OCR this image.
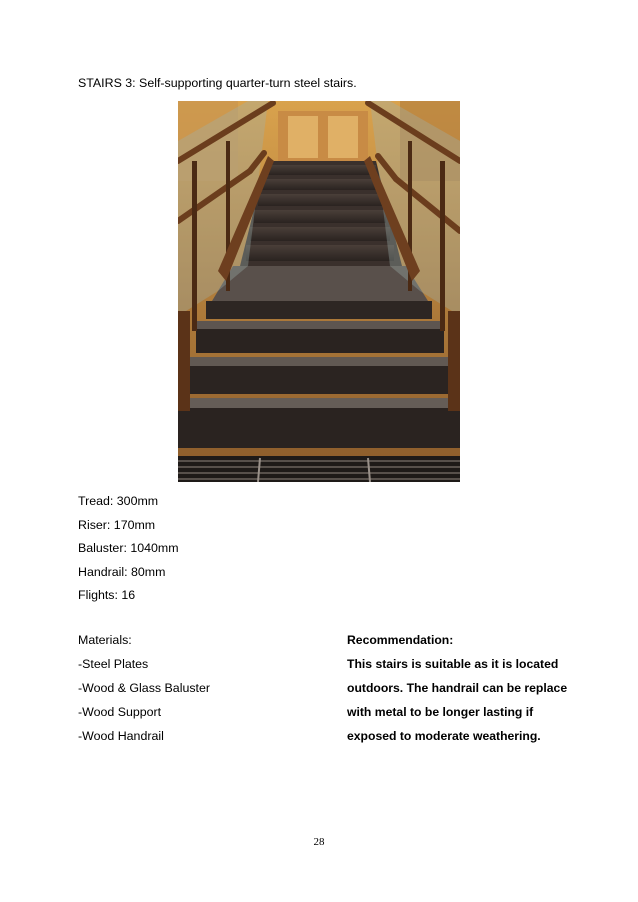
STAIRS 3: Self-supporting quarter-turn steel stairs.
Tread: 300mm
Riser: 170mm
Baluster: 1040mm
Handrail: 80mm
Flights: 16
Materials:
-Steel Plates
-Wood & Glass Baluster
-Wood Support
-Wood Handrail
Recommendation:
This stairs is suitable as it is located
outdoors. The handrail can be replace
with metal to be longer lasting if
exposed to moderate weathering.
28
